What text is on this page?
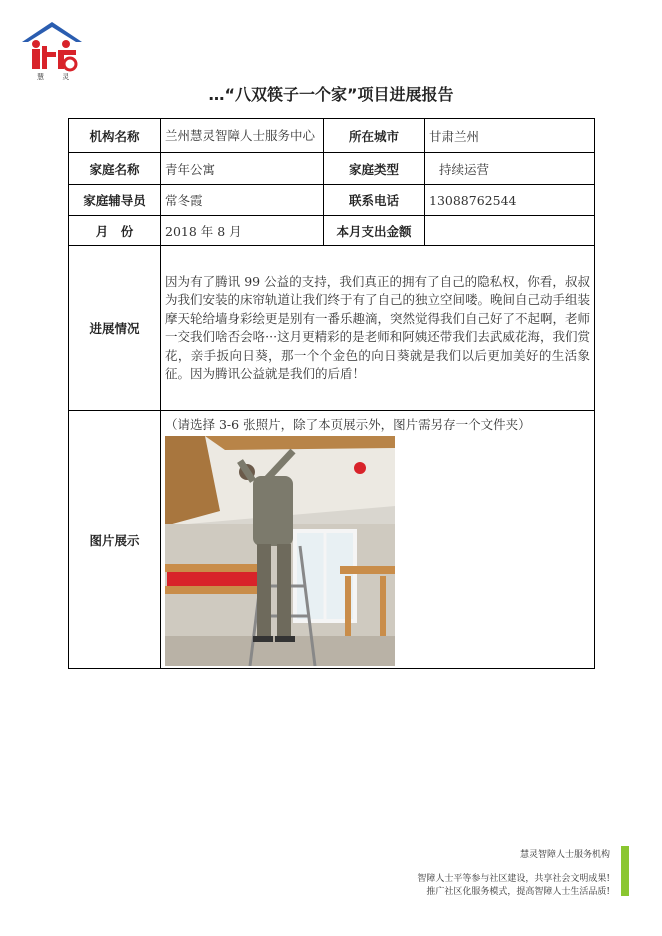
慧 灵
…“八双筷子一个家”项目进展报告
机构名称	兰州慧灵智障人士服务中心	所在城市	甘肃兰州
家庭名称	青年公寓	家庭类型	持续运营
家庭辅导员	常冬霞	联系电话	13088762544
月　份	2018 年 8 月	本月支出金额	
进展情况	因为有了腾讯 99 公益的支持，我们真正的拥有了自己的隐私权，你看，叔叔为我们安装的床帘轨道让我们终于有了自己的独立空间喽。晚间自己动手组装摩天轮给墙身彩绘更是别有一番乐趣滴，突然觉得我们自己好了不起啊，老师一交我们啥否会咯···这月更精彩的是老师和阿姨还带我们去武威花海，我们赏花，亲手扳向日葵，那一个个金色的向日葵就是我们以后更加美好的生活象征。因为腾讯公益就是我们的后盾！		
图片展示	（请选择 3-6 张照片，除了本页展示外，图片需另存一个文件夹）		
慧灵智障人士服务机构
智障人士平等参与社区建设，共享社会文明成果!
推广社区化服务模式，提高智障人士生活品质!
